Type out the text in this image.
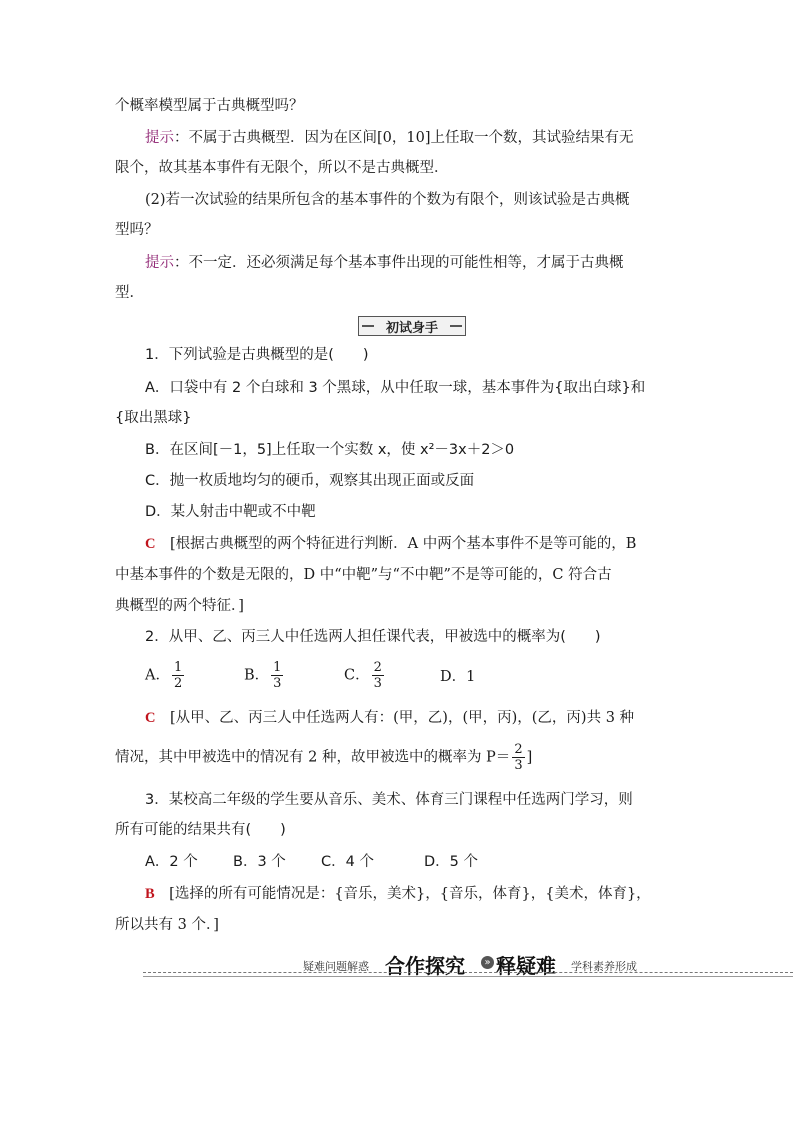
个概率模型属于古典概型吗？
提示：不属于古典概型．因为在区间[0，10]上任取一个数，其试验结果有无
限个，故其基本事件有无限个，所以不是古典概型．
(2)若一次试验的结果所包含的基本事件的个数为有限个，则该试验是古典概
型吗？
提示：不一定．还必须满足每个基本事件出现的可能性相等，才属于古典概
型．
初试身手
1．下列试验是古典概型的是(　　)
A．口袋中有 2 个白球和 3 个黑球，从中任取一球，基本事件为{取出白球}和
{取出黑球}
B．在区间[－1，5]上任取一个实数 x，使 x²－3x＋2＞0
C．抛一枚质地均匀的硬币，观察其出现正面或反面
D．某人射击中靶或不中靶
C　[根据古典概型的两个特征进行判断．A 中两个基本事件不是等可能的，B
中基本事件的个数是无限的，D 中“中靶”与“不中靶”不是等可能的，C 符合古
典概型的两个特征．]
2．从甲、乙、丙三人中任选两人担任课代表，甲被选中的概率为(　　)
A． $\frac{1}{2}$	B． $\frac{1}{3}$	C． $\frac{2}{3}$	D．1
C　[从甲、乙、丙三人中任选两人有：(甲，乙)，(甲，丙)，(乙，丙)共 3 种
情况，其中甲被选中的情况有 2 种，故甲被选中的概率为 $P= \frac{2}{3}$ ]
3．某校高二年级的学生要从音乐、美术、体育三门课程中任选两门学习，则
所有可能的结果共有(　　)
A．2 个 B．3 个 C．4 个	D．5 个
B　[选择的所有可能情况是：{音乐，美术}，{音乐，体育}，{美术，体育}，
所以共有 3 个．]
疑难问题解惑 合作探究	» 释疑难 学科素养形成
